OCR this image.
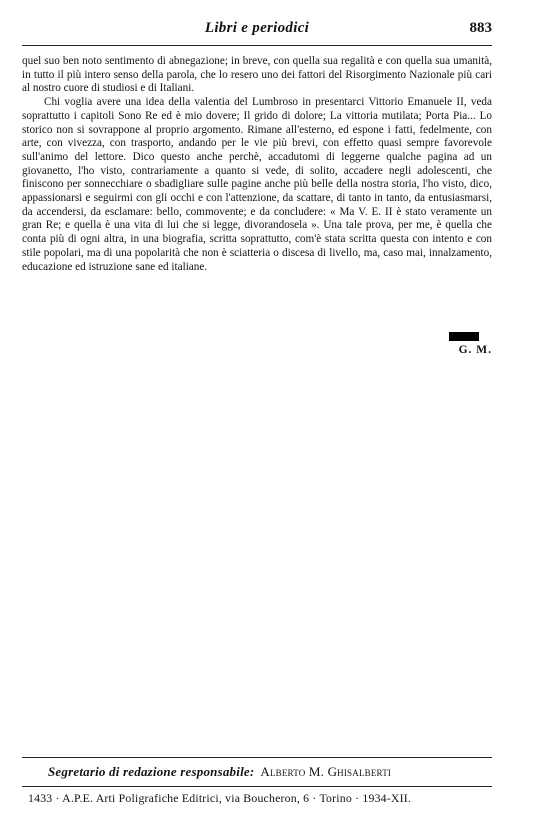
Libri e periodici	883

quel suo ben noto sentimento di abnegazione; in breve, con quella sua regalità e con quella sua umanità, in tutto il più intero senso della parola, che lo resero uno dei fattori del Risorgimento Nazionale più cari al nostro cuore di studiosi e di Italiani.

Chi voglia avere una idea della valentia del Lumbroso in presentarci Vittorio Emanuele II, veda soprattutto i capitoli Sono Re ed è mio dovere; Il grido di dolore; La vittoria mutilata; Porta Pia... Lo storico non si sovrappone al proprio argomento. Rimane all'esterno, ed espone i fatti, fedelmente, con arte, con vivezza, con trasporto, andando per le vie più brevi, con effetto quasi sempre favorevole sull'animo del lettore. Dico questo anche perchè, accadutomi di leggerne qualche pagina ad un giovanetto, l'ho visto, contrariamente a quanto si vede, di solito, accadere negli adolescenti, che finiscono per sonnecchiare o sbadigliare sulle pagine anche più belle della nostra storia, l'ho visto, dico, appassionarsi e seguirmi con gli occhi e con l'attenzione, da scattare, di tanto in tanto, da entusiasmarsi, da accendersi, da esclamare: bello, commovente; e da concludere: « Ma V. E. II è stato veramente un gran Re; e quella è una vita di lui che si legge, divorandosela ». Una tale prova, per me, è quella che conta più di ogni altra, in una biografia, scritta soprattutto, com'è stata scritta questa con intento e con stile popolari, ma di una popolarità che non è sciatteria o discesa di livello, ma, caso mai, innalzamento, educazione ed istruzione sane ed italiane.

G. M.
Segretario di redazione responsabile: Alberto M. Ghisalberti
1433 · A.P.E. Arti Poligrafiche Editrici, via Boucheron, 6 · Torino · 1934-XII.
